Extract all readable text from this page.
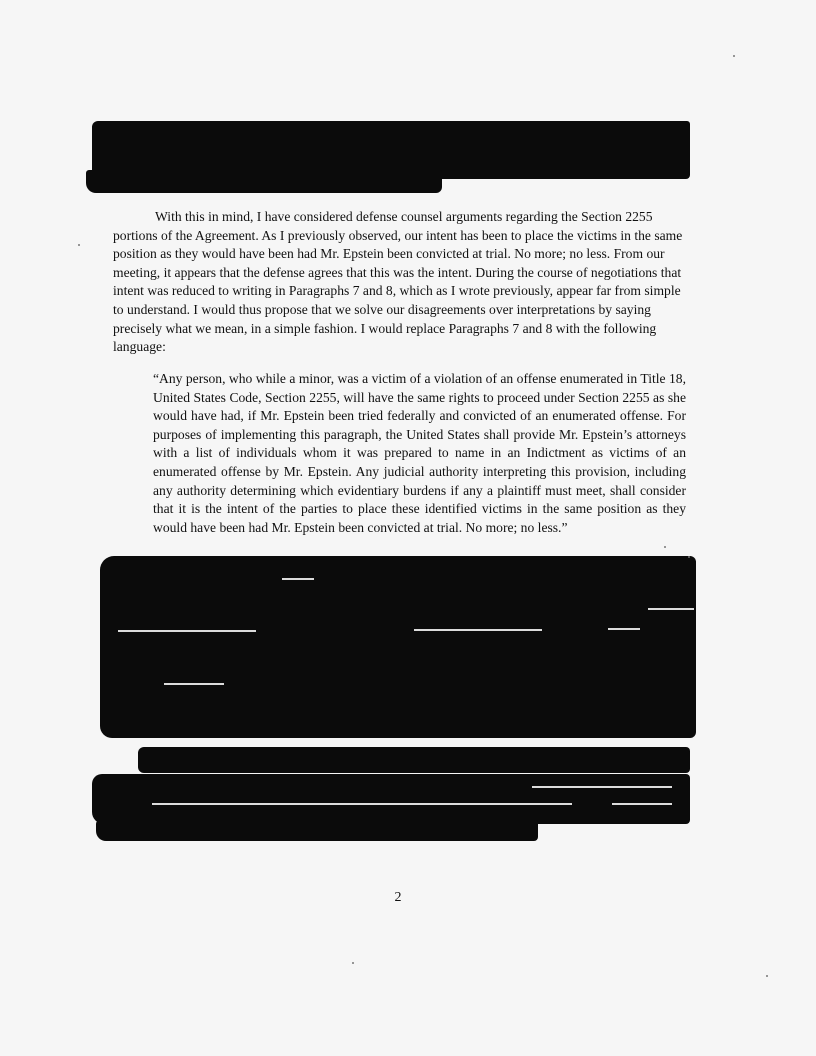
With this in mind, I have considered defense counsel arguments regarding the Section 2255 portions of the Agreement. As I previously observed, our intent has been to place the victims in the same position as they would have been had Mr. Epstein been convicted at trial. No more; no less. From our meeting, it appears that the defense agrees that this was the intent. During the course of negotiations that intent was reduced to writing in Paragraphs 7 and 8, which as I wrote previously, appear far from simple to understand. I would thus propose that we solve our disagreements over interpretations by saying precisely what we mean, in a simple fashion. I would replace Paragraphs 7 and 8 with the following language:

“Any person, who while a minor, was a victim of a violation of an offense enumerated in Title 18, United States Code, Section 2255, will have the same rights to proceed under Section 2255 as she would have had, if Mr. Epstein been tried federally and convicted of an enumerated offense. For purposes of implementing this paragraph, the United States shall provide Mr. Epstein’s attorneys with a list of individuals whom it was prepared to name in an Indictment as victims of an enumerated offense by Mr. Epstein. Any judicial authority interpreting this provision, including any authority determining which evidentiary burdens if any a plaintiff must meet, shall consider that it is the intent of the parties to place these identified victims in the same position as they would have been had Mr. Epstein been convicted at trial. No more; no less.”

2
